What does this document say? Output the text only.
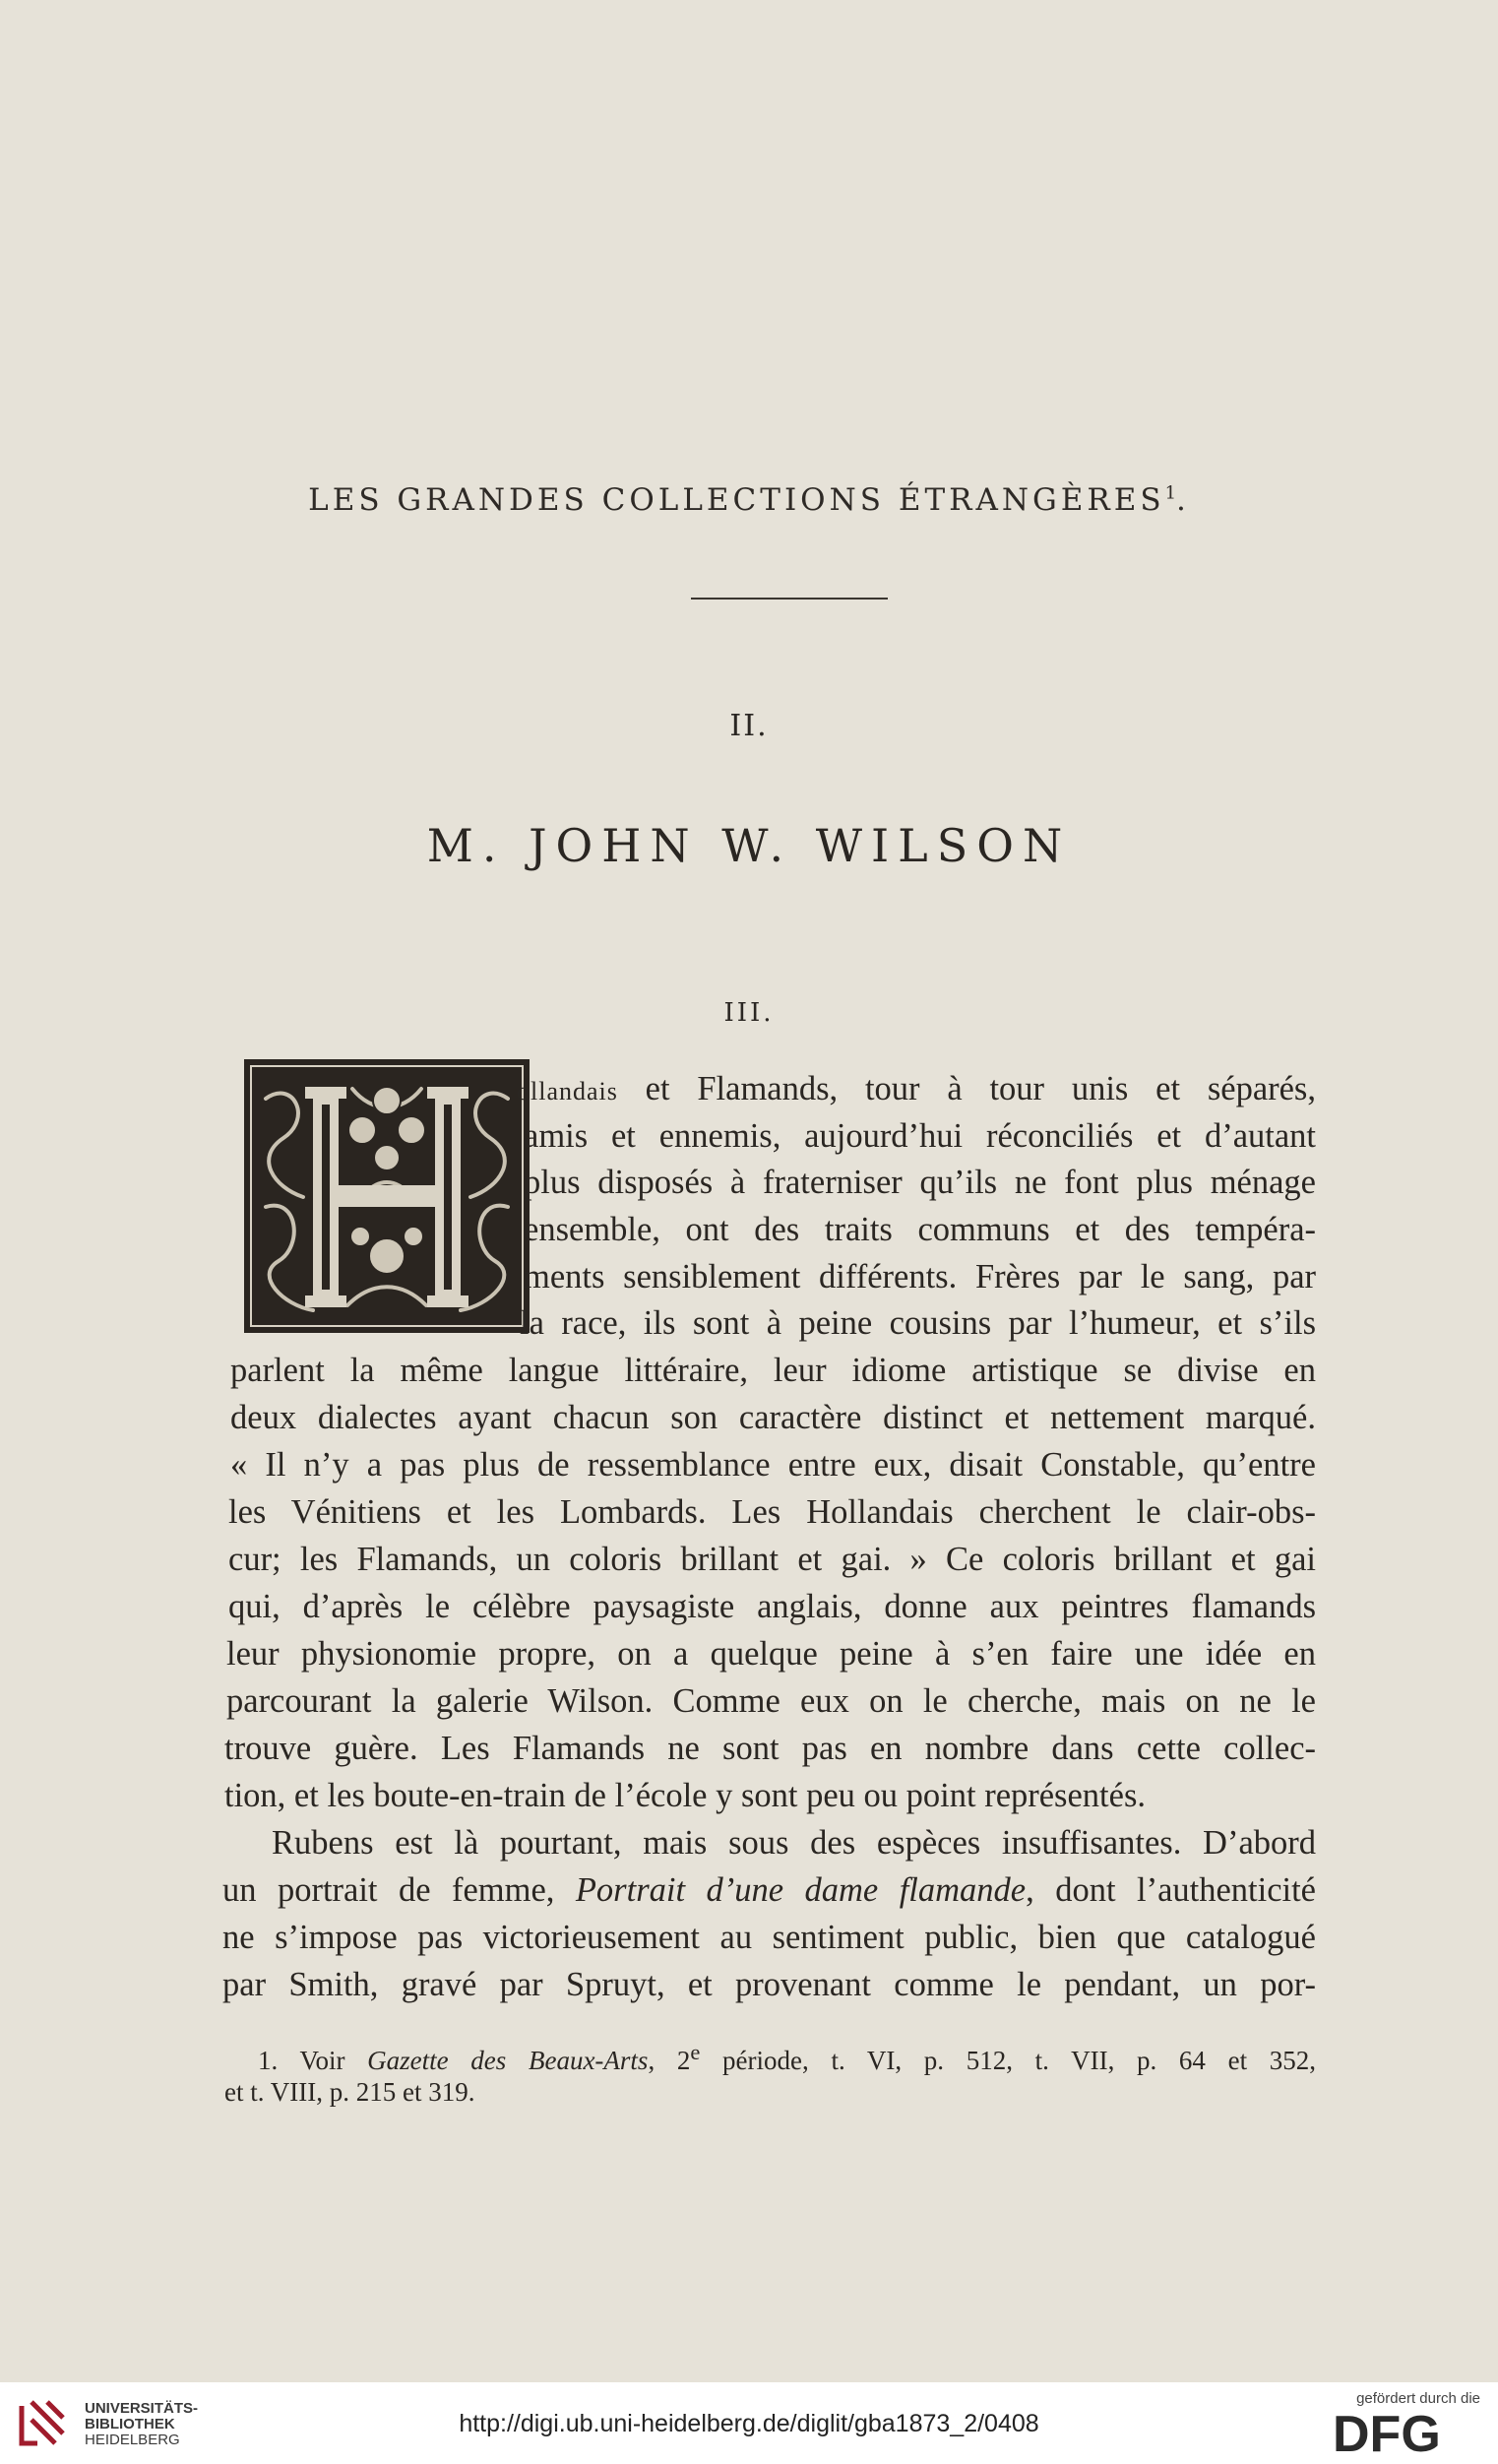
LES GRANDES COLLECTIONS ÉTRANGÈRES$^1$.
II.
M. JOHN W. WILSON
III.
ollandais et Flamands, tour à tour unis et séparés,
amis et ennemis, aujourd’hui réconciliés et d’autant
plus disposés à fraterniser qu’ils ne font plus ménage
ensemble, ont des traits communs et des tempéra-
ments sensiblement différents. Frères par le sang, par
la race, ils sont à peine cousins par l’humeur, et s’ils
parlent la même langue littéraire, leur idiome artistique se divise en
deux dialectes ayant chacun son caractère distinct et nettement marqué.
« Il n’y a pas plus de ressemblance entre eux, disait Constable, qu’entre
les Vénitiens et les Lombards. Les Hollandais cherchent le clair-obs-
cur; les Flamands, un coloris brillant et gai. » Ce coloris brillant et gai
qui, d’après le célèbre paysagiste anglais, donne aux peintres flamands
leur physionomie propre, on a quelque peine à s’en faire une idée en
parcourant la galerie Wilson. Comme eux on le cherche, mais on ne le
trouve guère. Les Flamands ne sont pas en nombre dans cette collec-
tion, et les boute-en-train de l’école y sont peu ou point représentés.
Rubens est là pourtant, mais sous des espèces insuffisantes. D’abord
un portrait de femme, Portrait d’une dame flamande, dont l’authenticité
ne s’impose pas victorieusement au sentiment public, bien que catalogué
par Smith, gravé par Spruyt, et provenant comme le pendant, un por-
1. Voir Gazette des Beaux-Arts, 2e période, t. VI, p. 512, t. VII, p. 64 et 352,
et t. VIII, p. 215 et 319.
UNIVERSITÄTS-
BIBLIOTHEK
HEIDELBERG
http://digi.ub.uni-heidelberg.de/diglit/gba1873_2/0408
gefördert durch die
DFG
